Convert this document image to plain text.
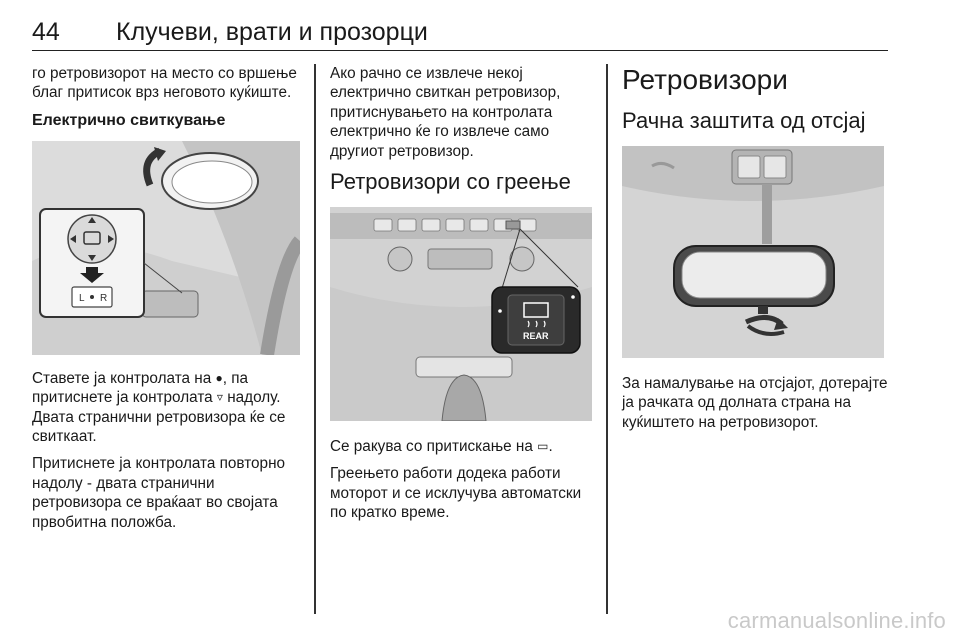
44 Клучеви, врати и прозорци

го ретровизорот на место со вршење благ притисок врз неговото куќиште.

Електрично свиткување
L R

Ставете ја контролата на ●, па притиснете ја контролата ▿ надолу. Двата странични ретровизора ќе се свиткаат.

Притиснете ја контролата повторно надолу - двата странични ретровизора се враќаат во својата првобитна положба.

Ако рачно се извлече некој електрично свиткан ретровизор, притиснувањето на контролата електрично ќе го извлече само другиот ретровизор.

Ретровизори со греење
REAR

Се ракува со притискање на ▭.

Греењето работи додека работи моторот и се исклучува автоматски по кратко време.

Ретровизори
Рачна заштита од отсјај

За намалување на отсјајот, дотерајте ја рачката од долната страна на куќиштето на ретровизорот.

carmanualsonline.info
